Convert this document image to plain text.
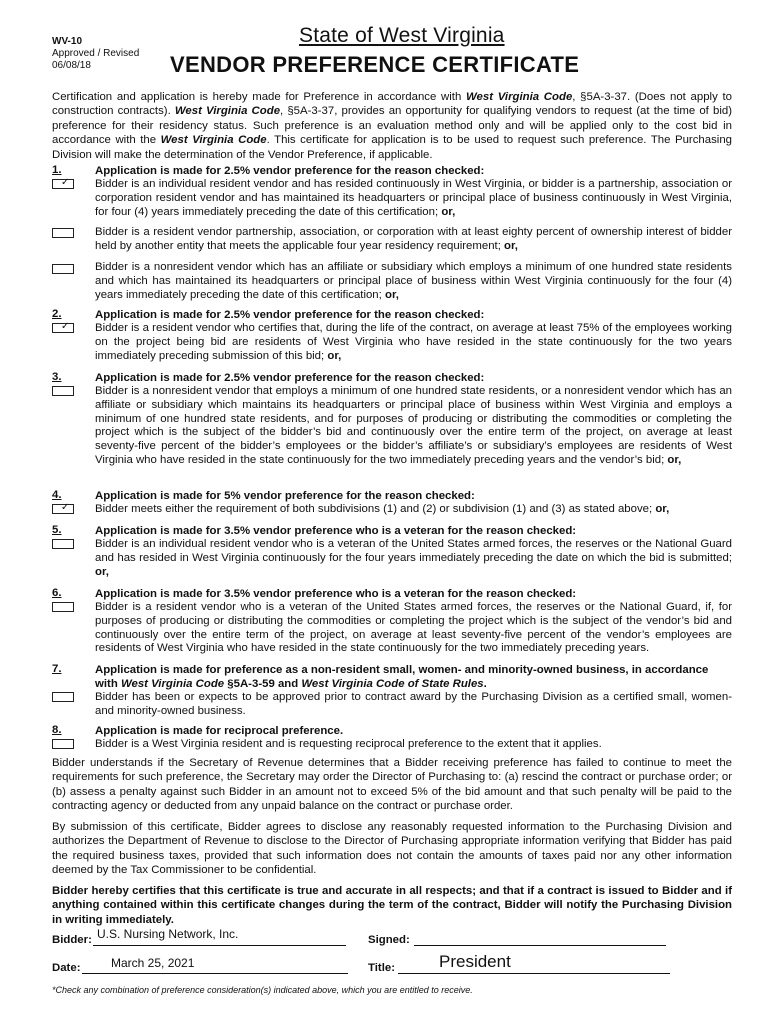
WV-10
Approved / Revised
06/08/18
State of West Virginia
VENDOR PREFERENCE CERTIFICATE
Certification and application is hereby made for Preference in accordance with West Virginia Code, §5A-3-37. (Does not apply to construction contracts). West Virginia Code, §5A-3-37, provides an opportunity for qualifying vendors to request (at the time of bid) preference for their residency status. Such preference is an evaluation method only and will be applied only to the cost bid in accordance with the West Virginia Code. This certificate for application is to be used to request such preference. The Purchasing Division will make the determination of the Vendor Preference, if applicable.
1.
✓
Application is made for 2.5% vendor preference for the reason checked:
Bidder is an individual resident vendor and has resided continuously in West Virginia, or bidder is a partnership, association or corporation resident vendor and has maintained its headquarters or principal place of business continuously in West Virginia, for four (4) years immediately preceding the date of this certification; or,
Bidder is a resident vendor partnership, association, or corporation with at least eighty percent of ownership interest of bidder held by another entity that meets the applicable four year residency requirement; or,
Bidder is a nonresident vendor which has an affiliate or subsidiary which employs a minimum of one hundred state residents and which has maintained its headquarters or principal place of business within West Virginia continuously for the four (4) years immediately preceding the date of this certification; or,
2.
✓
Application is made for 2.5% vendor preference for the reason checked:
Bidder is a resident vendor who certifies that, during the life of the contract, on average at least 75% of the employees working on the project being bid are residents of West Virginia who have resided in the state continuously for the two years immediately preceding submission of this bid; or,
3.	Application is made for 2.5% vendor preference for the reason checked:
Bidder is a nonresident vendor that employs a minimum of one hundred state residents, or a nonresident vendor which has an affiliate or subsidiary which maintains its headquarters or principal place of business within West Virginia and employs a minimum of one hundred state residents, and for purposes of producing or distributing the commodities or completing the project which is the subject of the bidder’s bid and continuously over the entire term of the project, on average at least seventy-five percent of the bidder’s employees or the bidder’s affiliate’s or subsidiary’s employees are residents of West Virginia who have resided in the state continuously for the two immediately preceding years and the vendor’s bid; or,
4.
✓
Application is made for 5% vendor preference for the reason checked:
Bidder meets either the requirement of both subdivisions (1) and (2) or subdivision (1) and (3) as stated above; or,
5.	Application is made for 3.5% vendor preference who is a veteran for the reason checked:
Bidder is an individual resident vendor who is a veteran of the United States armed forces, the reserves or the National Guard and has resided in West Virginia continuously for the four years immediately preceding the date on which the bid is submitted; or,
6.	Application is made for 3.5% vendor preference who is a veteran for the reason checked:
Bidder is a resident vendor who is a veteran of the United States armed forces, the reserves or the National Guard, if, for purposes of producing or distributing the commodities or completing the project which is the subject of the vendor’s bid and continuously over the entire term of the project, on average at least seventy-five percent of the vendor’s employees are residents of West Virginia who have resided in the state continuously for the two immediately preceding years.
7.	Application is made for preference as a non-resident small, women- and minority-owned business, in accordance with West Virginia Code §5A-3-59 and West Virginia Code of State Rules.
Bidder has been or expects to be approved prior to contract award by the Purchasing Division as a certified small, women- and minority-owned business.
8.	Application is made for reciprocal preference.
Bidder is a West Virginia resident and is requesting reciprocal preference to the extent that it applies.
Bidder understands if the Secretary of Revenue determines that a Bidder receiving preference has failed to continue to meet the requirements for such preference, the Secretary may order the Director of Purchasing to: (a) rescind the contract or purchase order; or (b) assess a penalty against such Bidder in an amount not to exceed 5% of the bid amount and that such penalty will be paid to the contracting agency or deducted from any unpaid balance on the contract or purchase order.
By submission of this certificate, Bidder agrees to disclose any reasonably requested information to the Purchasing Division and authorizes the Department of Revenue to disclose to the Director of Purchasing appropriate information verifying that Bidder has paid the required business taxes, provided that such information does not contain the amounts of taxes paid nor any other information deemed by the Tax Commissioner to be confidential.
Bidder hereby certifies that this certificate is true and accurate in all respects; and that if a contract is issued to Bidder and if anything contained within this certificate changes during the term of the contract, Bidder will notify the Purchasing Division in writing immediately.
Bidder: U.S. Nursing Network, Inc.	Signed:
Date:	March 25, 2021	Title:	President
*Check any combination of preference consideration(s) indicated above, which you are entitled to receive.
